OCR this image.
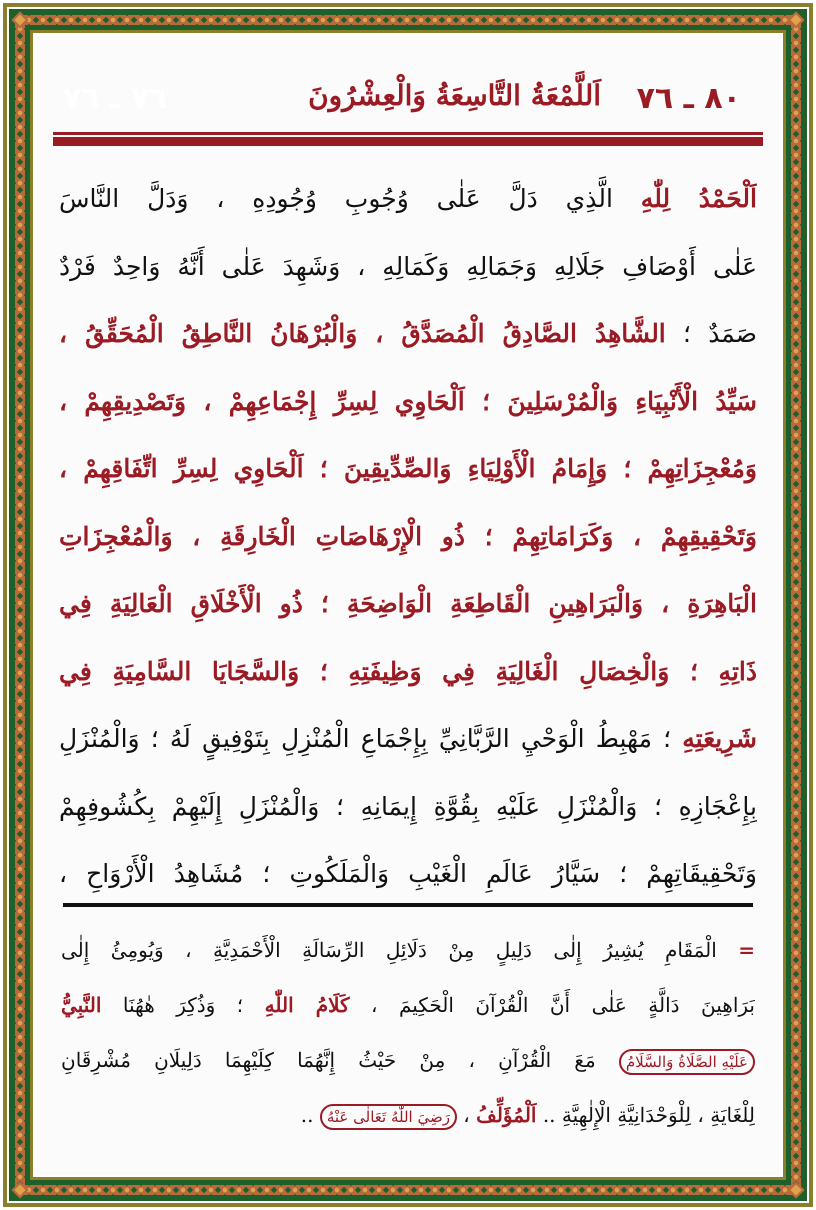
٨٠ ـ ٧٦
اَللَّمْعَةُ التَّاسِعَةُ وَالْعِشْرُونَ
٧٦ ـ ٧٦
اَلْحَمْدُ لِلّٰهِ الَّذِي دَلَّ عَلٰى وُجُوبِ وُجُودِهِ ، وَدَلَّ النَّاسَ
عَلٰى أَوْصَافِ جَلَالِهِ وَجَمَالِهِ وَكَمَالِهِ ، وَشَهِدَ عَلٰى أَنَّهُ وَاحِدٌ فَرْدٌ
صَمَدٌ ؛ الشَّاهِدُ الصَّادِقُ الْمُصَدَّقُ ، وَالْبُرْهَانُ النَّاطِقُ الْمُحَقِّقُ ،
سَيِّدُ الْأَنْبِيَاءِ وَالْمُرْسَلِينَ ؛ اَلْحَاوِي لِسِرِّ إِجْمَاعِهِمْ ، وَتَصْدِيقِهِمْ ،
وَمُعْجِزَاتِهِمْ ؛ وَإِمَامُ الْأَوْلِيَاءِ وَالصِّدِّيقِينَ ؛ اَلْحَاوِي لِسِرِّ اتِّفَاقِهِمْ ،
وَتَحْقِيقِهِمْ ، وَكَرَامَاتِهِمْ ؛ ذُو الْإِرْهَاصَاتِ الْخَارِقَةِ ، وَالْمُعْجِزَاتِ
الْبَاهِرَةِ ، وَالْبَرَاهِينِ الْقَاطِعَةِ الْوَاضِحَةِ ؛ ذُو الْأَخْلَاقِ الْعَالِيَةِ فِي
ذَاتِهِ ؛ وَالْخِصَالِ الْغَالِيَةِ فِي وَظِيفَتِهِ ؛ وَالسَّجَايَا السَّامِيَةِ فِي
شَرِيعَتِهِ ؛ مَهْبِطُ الْوَحْيِ الرَّبَّانِيِّ بِإِجْمَاعِ الْمُنْزِلِ بِتَوْفِيقٍ لَهُ ؛ وَالْمُنْزَلِ
بِإِعْجَازِهِ ؛ وَالْمُنْزَلِ عَلَيْهِ بِقُوَّةِ إِيمَانِهِ ؛ وَالْمُنْزَلِ إِلَيْهِمْ بِكُشُوفِهِمْ
وَتَحْقِيقَاتِهِمْ ؛ سَيَّارُ عَالَمِ الْغَيْبِ وَالْمَلَكُوتِ ؛ مُشَاهِدُ الْأَرْوَاحِ ،
= الْمَقَامِ يُشِيرُ إِلٰى دَلِيلٍ مِنْ دَلَائِلِ الرِّسَالَةِ الْأَحْمَدِيَّةِ ، وَيُومِئُ إِلٰى
بَرَاهِينَ دَالَّةٍ عَلٰى أَنَّ الْقُرْآنَ الْحَكِيمَ ، كَلَامُ اللّٰهِ ؛ وَذُكِرَ هٰهُنَا النَّبِيُّ
عَلَيْهِ الصَّلَاةُ وَالسَّلَامُ مَعَ الْقُرْآنِ ، مِنْ حَيْثُ إِنَّهُمَا كِلَيْهِمَا دَلِيلَانِ مُشْرِقَانِ
لِلْغَايَةِ ، لِلْوَحْدَانِيَّةِ الْإِلٰهِيَّةِ .. اَلْمُؤَلِّفُ ، رَضِيَ اللّٰهُ تَعَالٰى عَنْهُ ..
